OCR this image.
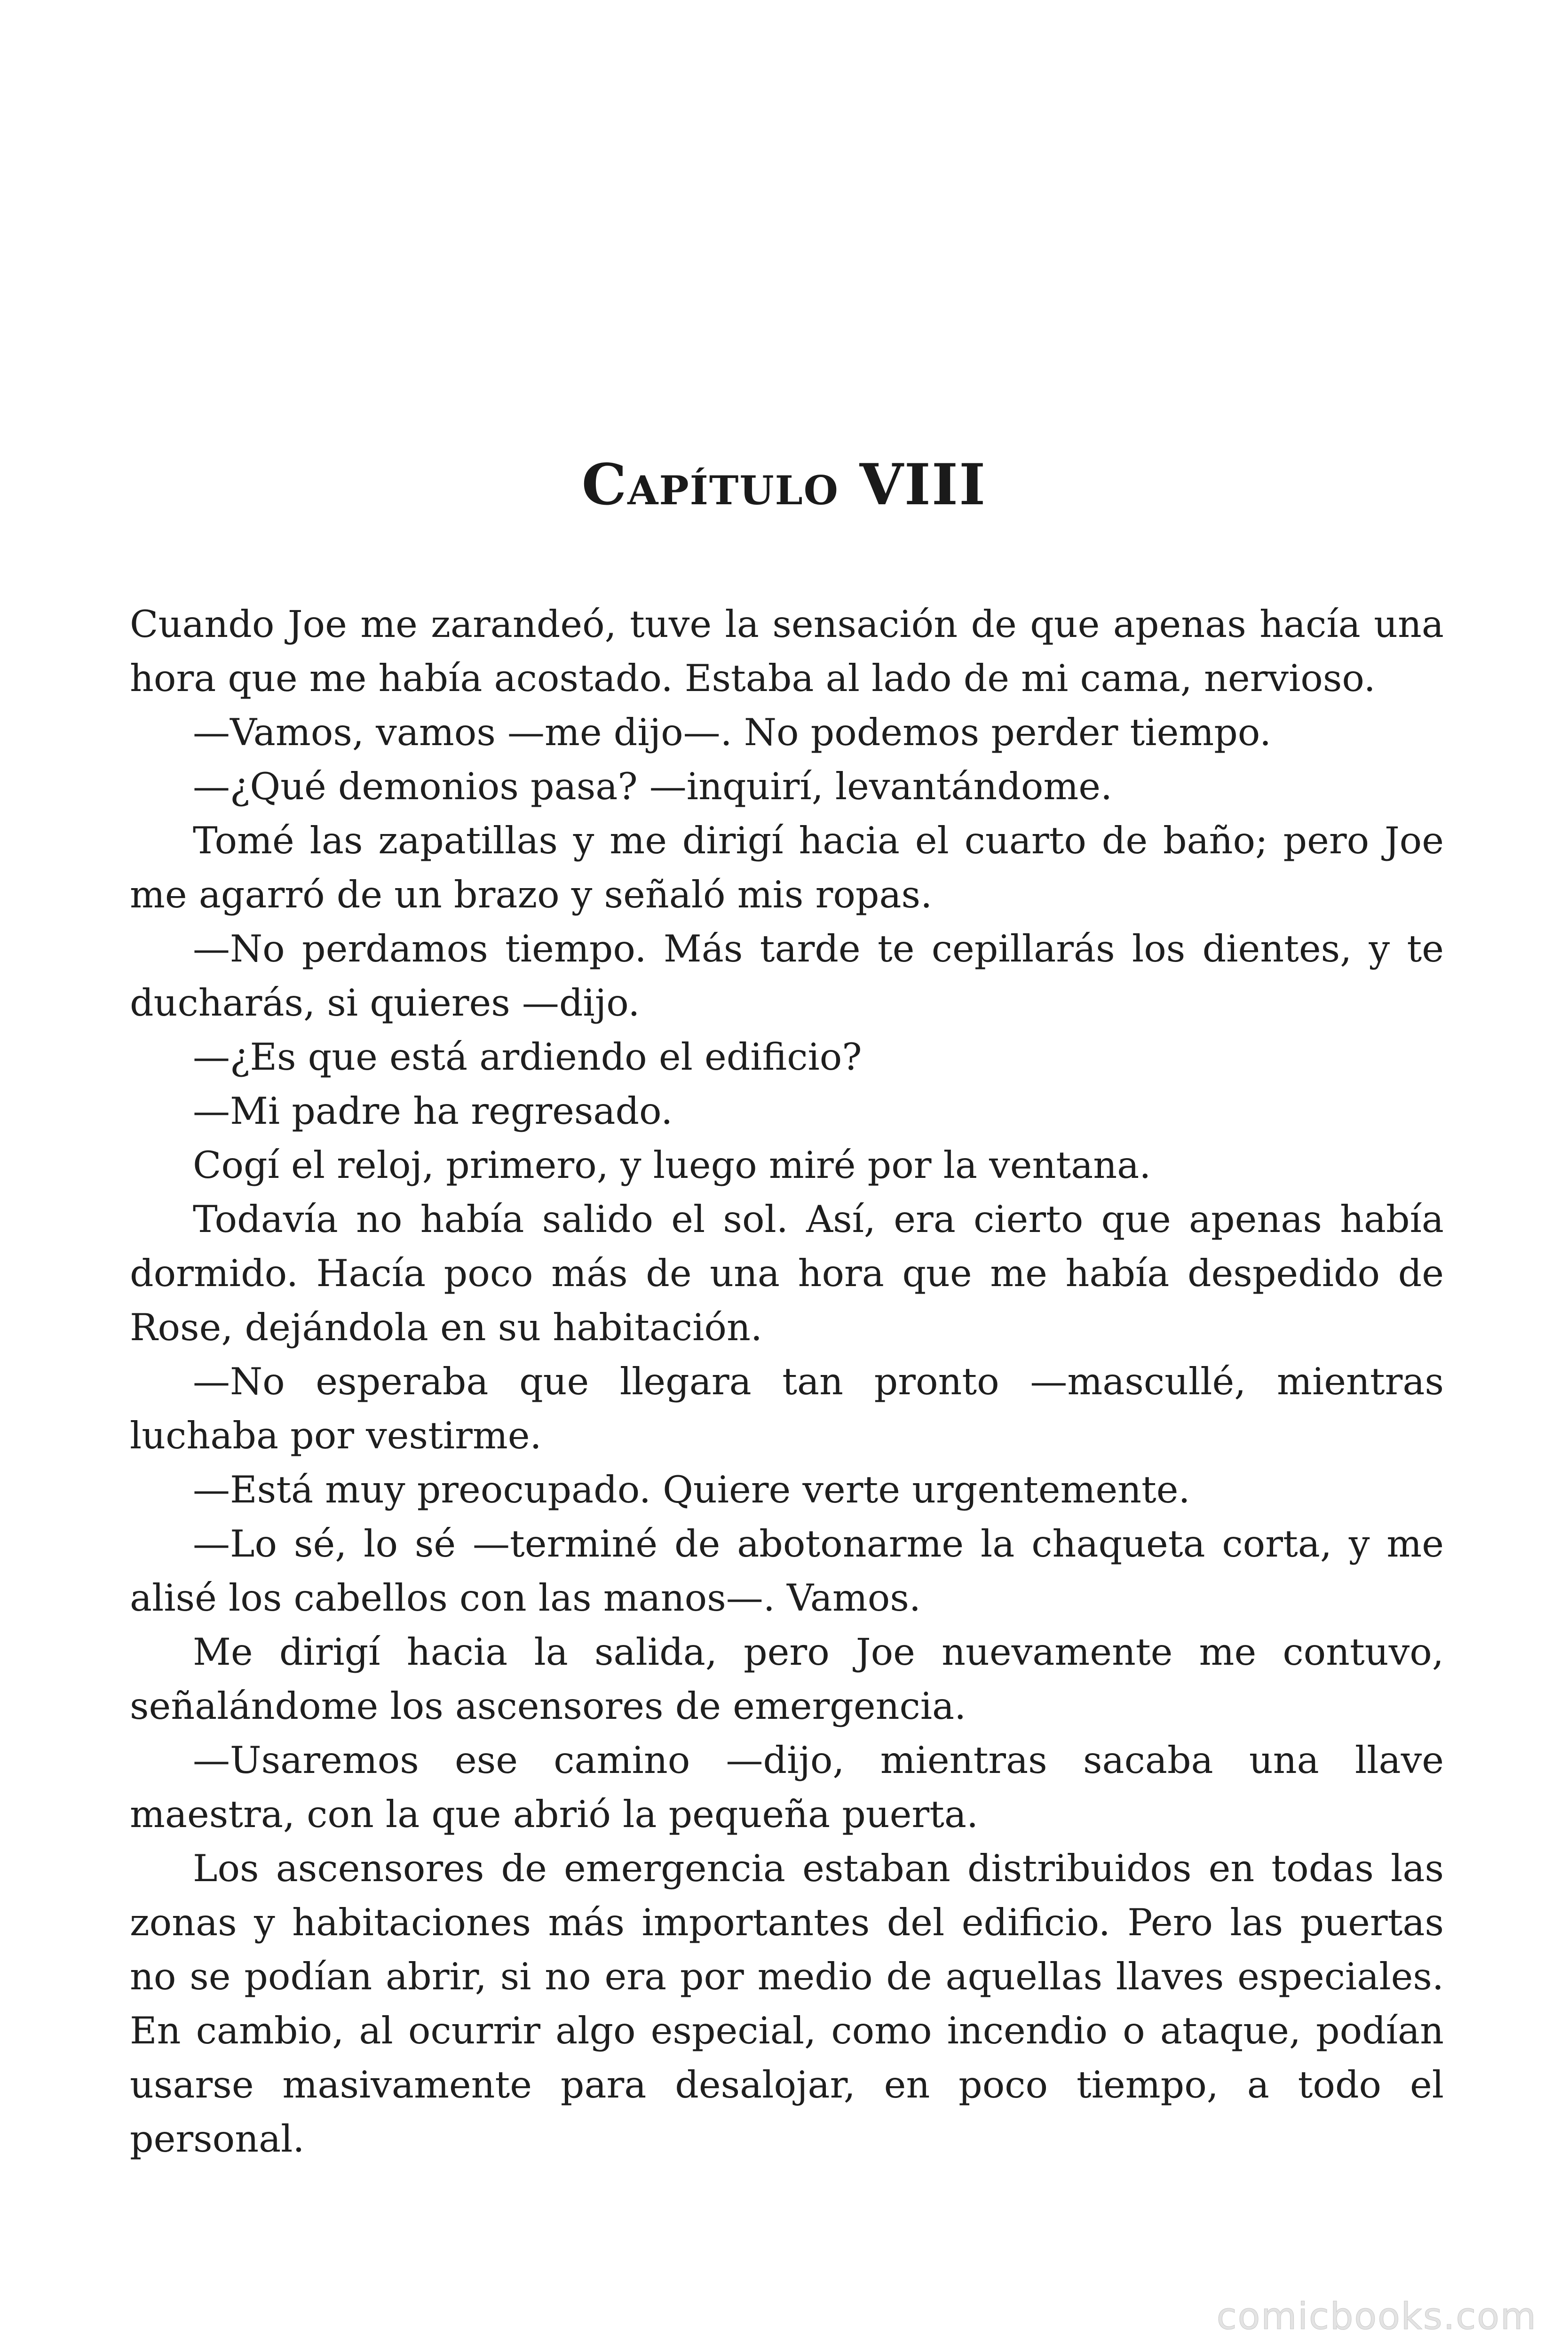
Capítulo VIII

Cuando Joe me zarandeó, tuve la sensación de que apenas hacía una hora que me había acostado. Estaba al lado de mi cama, nervioso.

—Vamos, vamos —me dijo—. No podemos perder tiempo.

—¿Qué demonios pasa? —inquirí, levantándome.

Tomé las zapatillas y me dirigí hacia el cuarto de baño; pero Joe me agarró de un brazo y señaló mis ropas.

—No perdamos tiempo. Más tarde te cepillarás los dientes, y te ducharás, si quieres —dijo.

—¿Es que está ardiendo el edificio?

—Mi padre ha regresado.

Cogí el reloj, primero, y luego miré por la ventana.

Todavía no había salido el sol. Así, era cierto que apenas había dormido. Hacía poco más de una hora que me había despedido de Rose, dejándola en su habitación.

—No esperaba que llegara tan pronto —mascullé, mientras luchaba por vestirme.

—Está muy preocupado. Quiere verte urgentemente.

—Lo sé, lo sé —terminé de abotonarme la chaqueta corta, y me alisé los cabellos con las manos—. Vamos.

Me dirigí hacia la salida, pero Joe nuevamente me contuvo, señalándome los ascensores de emergencia.

—Usaremos ese camino —dijo, mientras sacaba una llave maestra, con la que abrió la pequeña puerta.

Los ascensores de emergencia estaban distribuidos en todas las zonas y habitaciones más importantes del edificio. Pero las puertas no se podían abrir, si no era por medio de aquellas llaves especiales. En cambio, al ocurrir algo especial, como incendio o ataque, podían usarse masivamente para desalojar, en poco tiempo, a todo el personal.

comicbooks.com
